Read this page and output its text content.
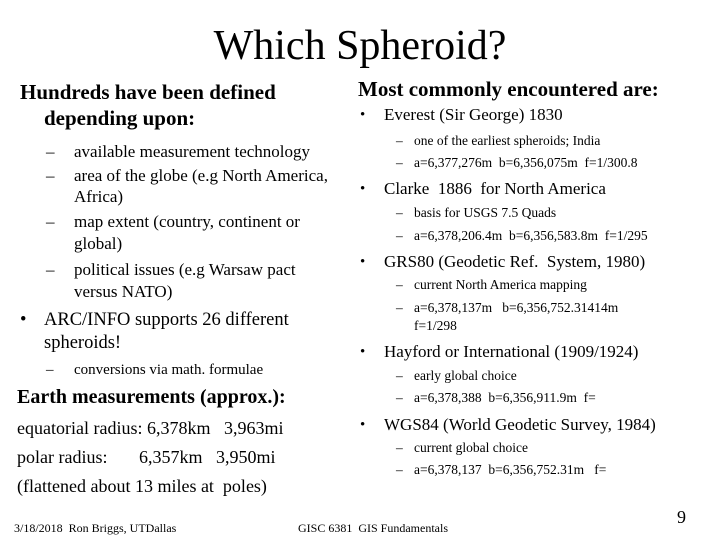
Which Spheroid?
Hundreds have been defined
depending upon:
– available measurement technology
– area of the globe (e.g North America,
Africa)
– map extent (country, continent or
global)
– political issues (e.g Warsaw pact
versus NATO)
• ARC/INFO supports 26 different
spheroids!
– conversions via math. formulae
Earth measurements (approx.):
equatorial radius: 6,378km   3,963mi
polar radius:       6,357km   3,950mi
(flattened about 13 miles at  poles)
Most commonly encountered are:
• Everest (Sir George) 1830
– one of the earliest spheroids; India
– a=6,377,276m  b=6,356,075m  f=1/300.8
• Clarke  1886  for North America
– basis for USGS 7.5 Quads
– a=6,378,206.4m  b=6,356,583.8m  f=1/295
• GRS80 (Geodetic Ref.  System, 1980)
– current North America mapping
– a=6,378,137m   b=6,356,752.31414m
f=1/298
• Hayford or International (1909/1924)
– early global choice
– a=6,378,388  b=6,356,911.9m  f=
• WGS84 (World Geodetic Survey, 1984)
– current global choice
– a=6,378,137  b=6,356,752.31m   f=
3/18/2018  Ron Briggs, UTDallas	GISC 6381  GIS Fundamentals
9
